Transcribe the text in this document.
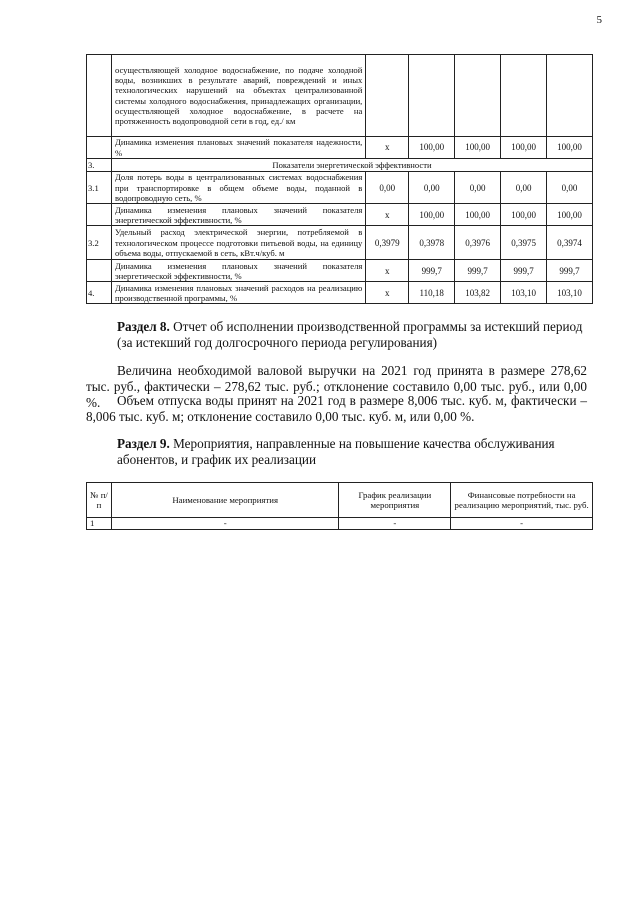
5
	осуществляющей холодное водоснабжение, по подаче холодной воды, возникших в результате аварий, повреждений и иных технологических нарушений на объектах централизованной системы холодного водоснабжения, принадлежащих организации, осуществляющей холодное водоснабжение, в расчете на протяженность водопроводной сети в год, ед./ км					
	Динамика изменения плановых значений показателя надежности, %	x	100,00	100,00	100,00	100,00
3.	Показатели энергетической эффективности					
3.1	Доля потерь воды в централизованных системах водоснабжения при транспортировке в общем объеме воды, поданной в водопроводную сеть, %	0,00	0,00	0,00	0,00	0,00
	Динамика изменения плановых значений показателя энергетической эффективности, %	x	100,00	100,00	100,00	100,00
3.2	Удельный расход электрической энергии, потребляемой в технологическом процессе подготовки питьевой воды, на единицу объема воды, отпускаемой в сеть, кВт.ч/куб. м	0,3979	0,3978	0,3976	0,3975	0,3974
	Динамика изменения плановых значений показателя энергетической эффективности, %	x	999,7	999,7	999,7	999,7
4.	Динамика изменения плановых значений расходов на реализацию производственной программы, %	x	110,18	103,82	103,10	103,10
Раздел 8. Отчет об исполнении производственной программы за истекший период (за истекший год долгосрочного периода регулирования)
Величина необходимой валовой выручки на 2021 год принята в размере 278,62 тыс. руб., фактически – 278,62 тыс. руб.; отклонение составило 0,00 тыс. руб., или 0,00 %.	Объем отпуска воды принят на 2021 год в размере 8,006 тыс. куб. м, фактически – 8,006 тыс. куб. м; отклонение составило 0,00 тыс. куб. м, или 0,00 %.
Раздел 9. Мероприятия, направленные на повышение качества обслуживания абонентов, и график их реализации
№ п/п	Наименование мероприятия	График реализации мероприятия	Финансовые потребности на реализацию мероприятий, тыс. руб.
1	-	-	-
